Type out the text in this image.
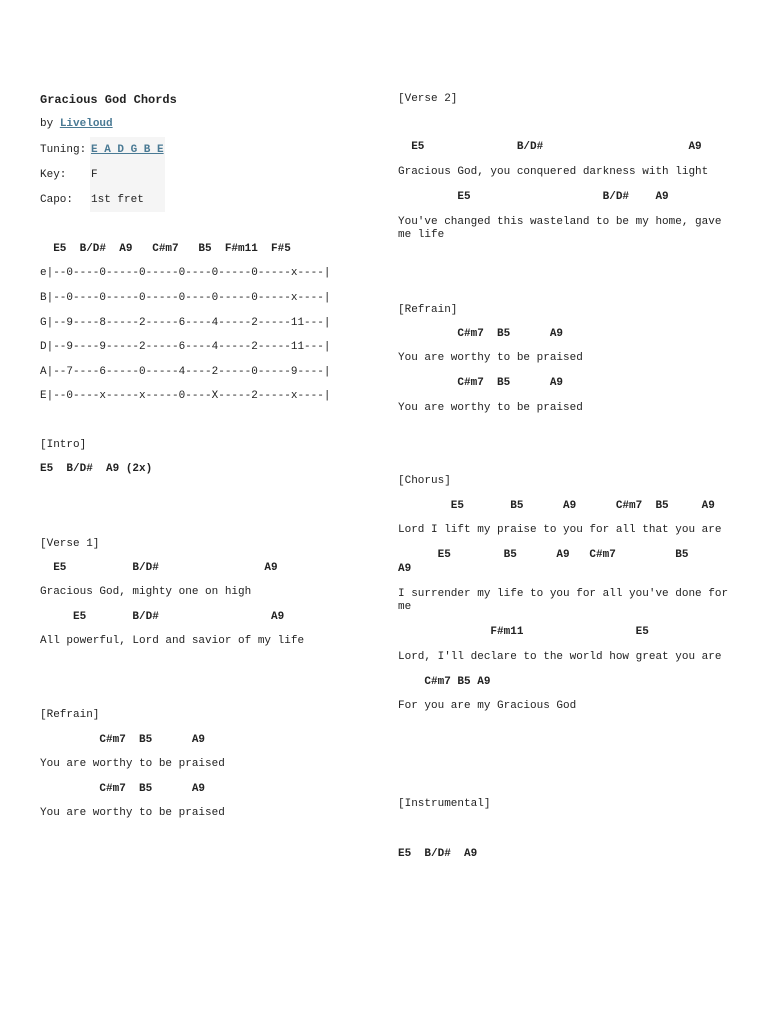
Gracious God Chords
by Liveloud
Tuning:	E A D G B E
Key:	F
Capo:	1st fret
E5  B/D#  A9   C#m7   B5  F#m11  F#5
e|--0----0-----0-----0----0-----0-----x----|
B|--0----0-----0-----0----0-----0-----x----|
G|--9----8-----2-----6----4-----2-----11---|
D|--9----9-----2-----6----4-----2-----11---|
A|--7----6-----0-----4----2-----0-----9----|
E|--0----x-----x-----0----X-----2-----x----|
[Intro]
E5  B/D#  A9 (2x)
[Verse 1]
E5          B/D#                A9
Gracious God, mighty one on high
E5       B/D#                 A9
All powerful, Lord and savior of my life
[Refrain]
C#m7  B5      A9
You are worthy to be praised
C#m7  B5      A9
You are worthy to be praised
[Verse 2]
E5              B/D#                      A9
Gracious God, you conquered darkness with light
E5                    B/D#    A9
You've changed this wasteland to be my home, gave
me life
[Refrain]
C#m7  B5      A9
You are worthy to be praised
C#m7  B5      A9
You are worthy to be praised
[Chorus]
E5       B5      A9      C#m7  B5     A9
Lord I lift my praise to you for all that you are
E5        B5      A9   C#m7         B5
A9
I surrender my life to you for all you've done for
me
F#m11                 E5
Lord, I'll declare to the world how great you are
C#m7 B5 A9
For you are my Gracious God
[Instrumental]
E5  B/D#  A9
